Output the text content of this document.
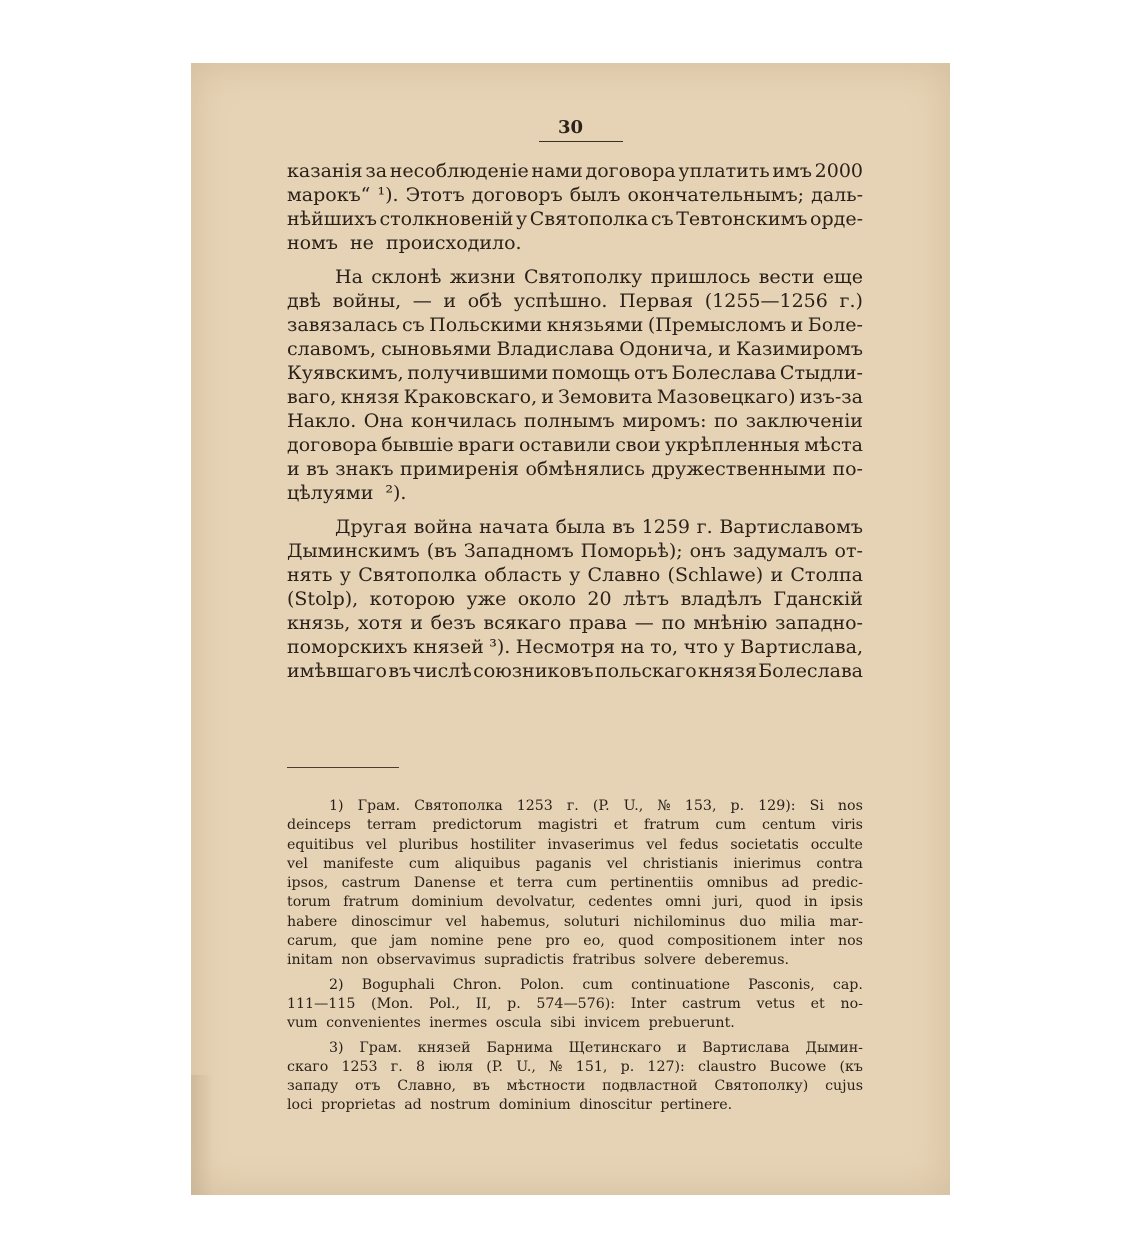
30
казанія за несоблюденіе нами договора уплатить имъ 2000
марокъ“ ¹). Этотъ договоръ былъ окончательнымъ; даль-
нѣйшихъ столкновеній у Святополка съ Тевтонскимъ орде-
номъ не происходило.
На склонѣ жизни Святополку пришлось вести еще
двѣ войны, — и обѣ успѣшно. Первая (1255—1256 г.)
завязалась съ Польскими князьями (Премысломъ и Боле-
славомъ, сыновьями Владислава Одонича, и Казимиромъ
Куявскимъ, получившими помощь отъ Болеслава Стыдли-
ваго, князя Краковскаго, и Земовита Мазовецкаго) изъ-за
Накло. Она кончилась полнымъ миромъ: по заключеніи
договора бывшіе враги оставили свои укрѣпленныя мѣста
и въ знакъ примиренія обмѣнялись дружественными по-
цѣлуями ²).
Другая война начата была въ 1259 г. Вартиславомъ
Дыминскимъ (въ Западномъ Поморьѣ); онъ задумалъ от-
нять у Святополка область у Славно (Schlawe) и Столпа
(Stolp), которою уже около 20 лѣтъ владѣлъ Гданскій
князь, хотя и безъ всякаго права — по мнѣнію западно-
поморскихъ князей ³). Несмотря на то, что у Вартислава,
имѣвшаго въ числѣ союзниковъ польскаго князя Болеслава
1) Грам. Святополка 1253 г. (P. U., № 153, p. 129): Si nos
deinceps terram predictorum magistri et fratrum cum centum viris
equitibus vel pluribus hostiliter invaserimus vel fedus societatis occulte
vel manifeste cum aliquibus paganis vel christianis inierimus contra
ipsos, castrum Danense et terra cum pertinentiis omnibus ad predic-
torum fratrum dominium devolvatur, cedentes omni juri, quod in ipsis
habere dinoscimur vel habemus, soluturi nichilominus duo milia mar-
carum, que jam nomine pene pro eo, quod compositionem inter nos
initam non observavimus supradictis fratribus solvere deberemus.
2) Boguphali Chron. Polon. cum continuatione Pasconis, cap.
111—115 (Mon. Pol., II, p. 574—576): Inter castrum vetus et no-
vum convenientes inermes oscula sibi invicem prebuerunt.
3) Грам. князей Барнима Щетинскаго и Вартислава Дымин-
скаго 1253 г. 8 іюля (P. U., № 151, p. 127): claustro Bucowe (къ
западу отъ Славно, въ мѣстности подвластной Святополку) cujus
loci proprietas ad nostrum dominium dinoscitur pertinere.
